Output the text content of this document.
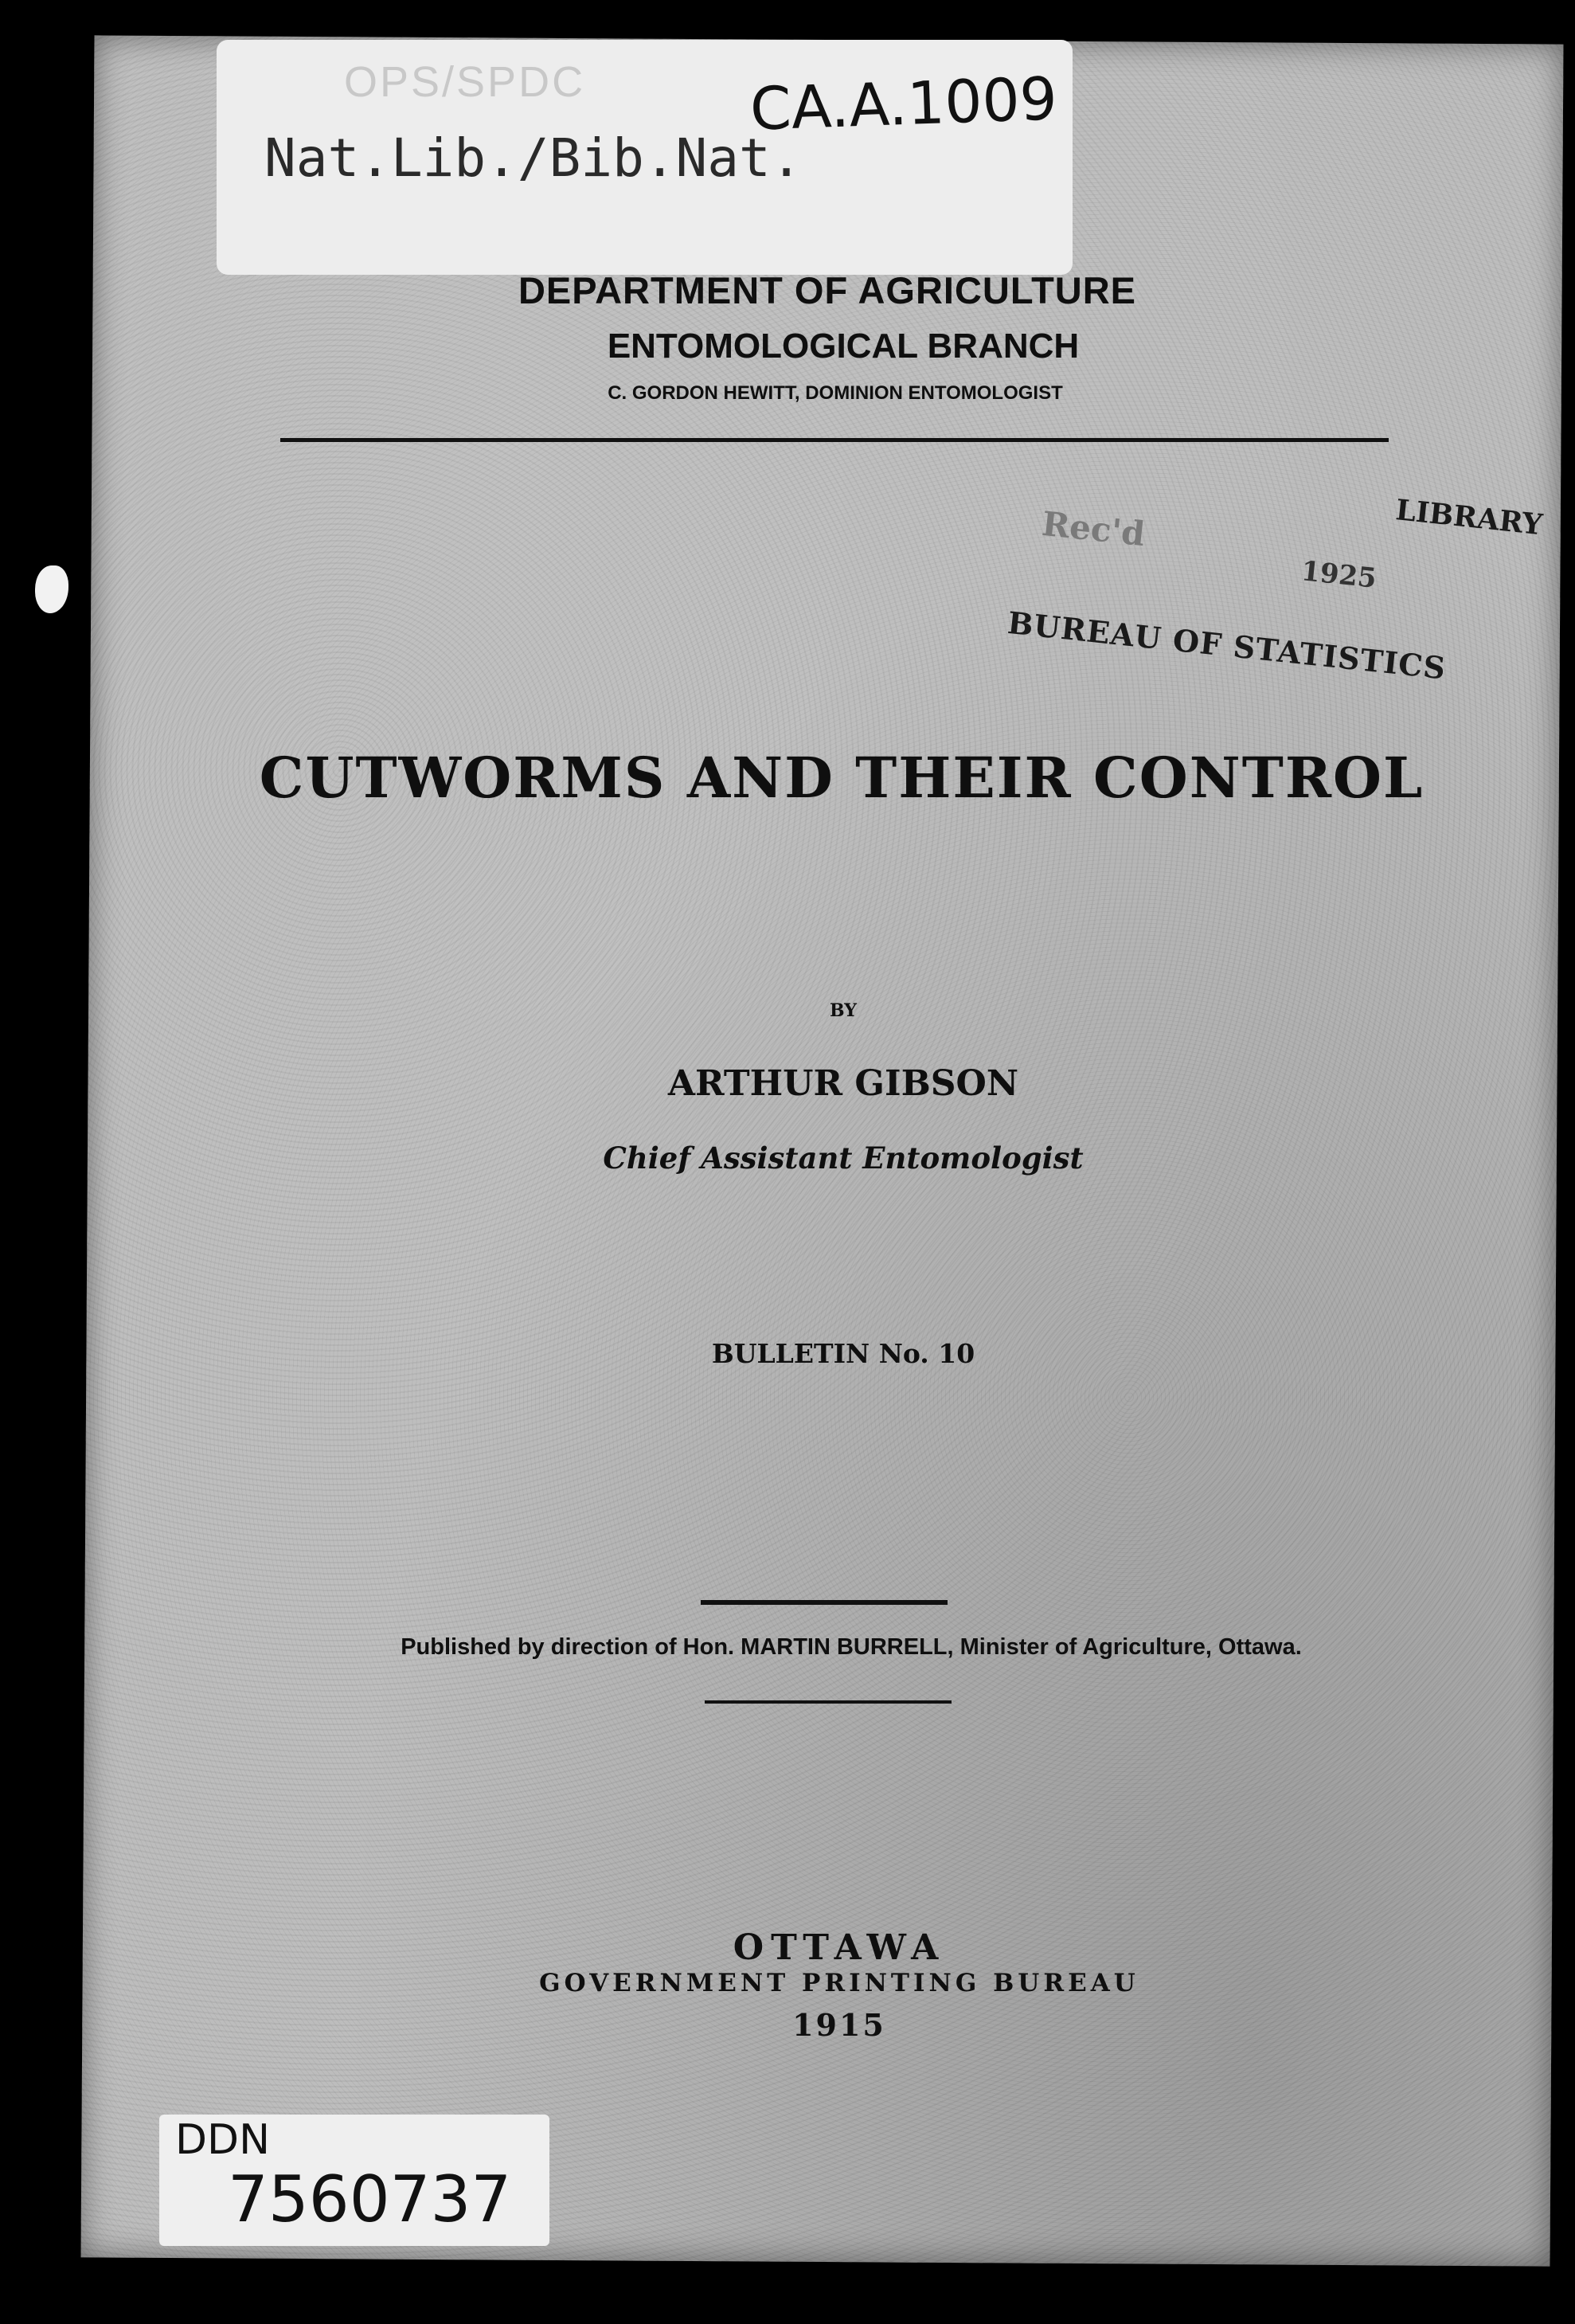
OPS/SPDC
Nat.Lib./Bib.Nat.
CA.A.1009
DEPARTMENT OF AGRICULTURE
ENTOMOLOGICAL BRANCH
C. GORDON HEWITT, DOMINION ENTOMOLOGIST
LIBRARY
Rec'd
1925
BUREAU OF STATISTICS
CUTWORMS AND THEIR CONTROL
BY
ARTHUR GIBSON
Chief Assistant Entomologist
BULLETIN No. 10
Published by direction of Hon. MARTIN BURRELL, Minister of Agriculture, Ottawa.
OTTAWA
GOVERNMENT PRINTING BUREAU
1915
DDN
7560737
